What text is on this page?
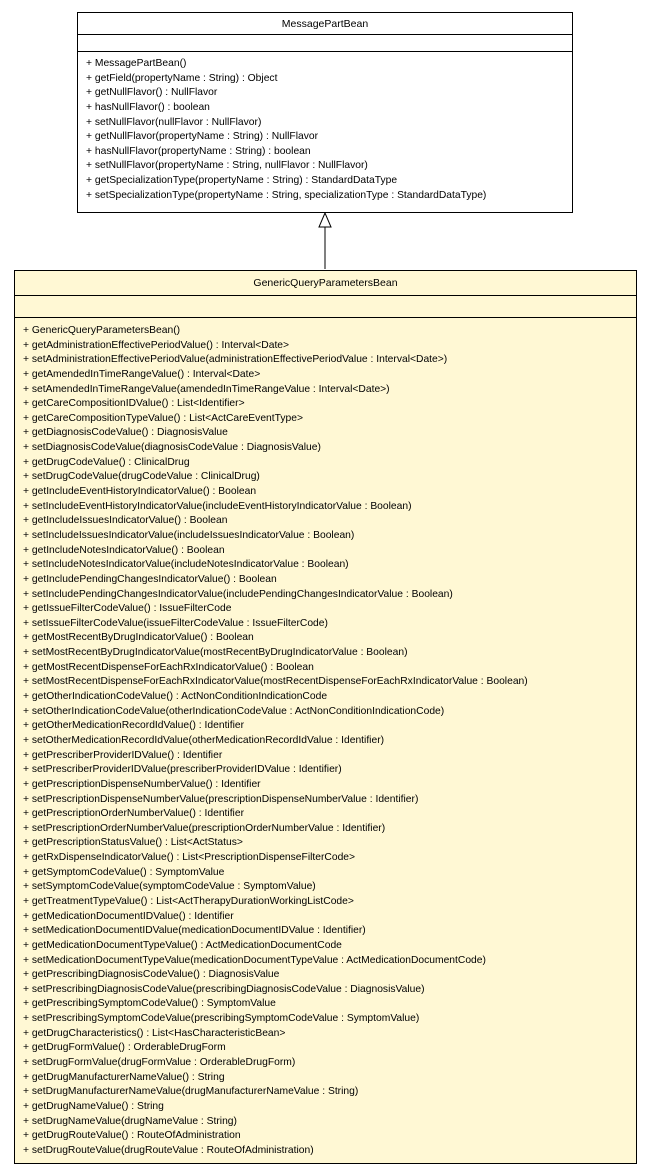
MessagePartBean
+ MessagePartBean()
+ getField(propertyName : String) : Object
+ getNullFlavor() : NullFlavor
+ hasNullFlavor() : boolean
+ setNullFlavor(nullFlavor : NullFlavor)
+ getNullFlavor(propertyName : String) : NullFlavor
+ hasNullFlavor(propertyName : String) : boolean
+ setNullFlavor(propertyName : String, nullFlavor : NullFlavor)
+ getSpecializationType(propertyName : String) : StandardDataType
+ setSpecializationType(propertyName : String, specializationType : StandardDataType)
GenericQueryParametersBean
+ GenericQueryParametersBean()
+ getAdministrationEffectivePeriodValue() : Interval<Date>
+ setAdministrationEffectivePeriodValue(administrationEffectivePeriodValue : Interval<Date>)
+ getAmendedInTimeRangeValue() : Interval<Date>
+ setAmendedInTimeRangeValue(amendedInTimeRangeValue : Interval<Date>)
+ getCareCompositionIDValue() : List<Identifier>
+ getCareCompositionTypeValue() : List<ActCareEventType>
+ getDiagnosisCodeValue() : DiagnosisValue
+ setDiagnosisCodeValue(diagnosisCodeValue : DiagnosisValue)
+ getDrugCodeValue() : ClinicalDrug
+ setDrugCodeValue(drugCodeValue : ClinicalDrug)
+ getIncludeEventHistoryIndicatorValue() : Boolean
+ setIncludeEventHistoryIndicatorValue(includeEventHistoryIndicatorValue : Boolean)
+ getIncludeIssuesIndicatorValue() : Boolean
+ setIncludeIssuesIndicatorValue(includeIssuesIndicatorValue : Boolean)
+ getIncludeNotesIndicatorValue() : Boolean
+ setIncludeNotesIndicatorValue(includeNotesIndicatorValue : Boolean)
+ getIncludePendingChangesIndicatorValue() : Boolean
+ setIncludePendingChangesIndicatorValue(includePendingChangesIndicatorValue : Boolean)
+ getIssueFilterCodeValue() : IssueFilterCode
+ setIssueFilterCodeValue(issueFilterCodeValue : IssueFilterCode)
+ getMostRecentByDrugIndicatorValue() : Boolean
+ setMostRecentByDrugIndicatorValue(mostRecentByDrugIndicatorValue : Boolean)
+ getMostRecentDispenseForEachRxIndicatorValue() : Boolean
+ setMostRecentDispenseForEachRxIndicatorValue(mostRecentDispenseForEachRxIndicatorValue : Boolean)
+ getOtherIndicationCodeValue() : ActNonConditionIndicationCode
+ setOtherIndicationCodeValue(otherIndicationCodeValue : ActNonConditionIndicationCode)
+ getOtherMedicationRecordIdValue() : Identifier
+ setOtherMedicationRecordIdValue(otherMedicationRecordIdValue : Identifier)
+ getPrescriberProviderIDValue() : Identifier
+ setPrescriberProviderIDValue(prescriberProviderIDValue : Identifier)
+ getPrescriptionDispenseNumberValue() : Identifier
+ setPrescriptionDispenseNumberValue(prescriptionDispenseNumberValue : Identifier)
+ getPrescriptionOrderNumberValue() : Identifier
+ setPrescriptionOrderNumberValue(prescriptionOrderNumberValue : Identifier)
+ getPrescriptionStatusValue() : List<ActStatus>
+ getRxDispenseIndicatorValue() : List<PrescriptionDispenseFilterCode>
+ getSymptomCodeValue() : SymptomValue
+ setSymptomCodeValue(symptomCodeValue : SymptomValue)
+ getTreatmentTypeValue() : List<ActTherapyDurationWorkingListCode>
+ getMedicationDocumentIDValue() : Identifier
+ setMedicationDocumentIDValue(medicationDocumentIDValue : Identifier)
+ getMedicationDocumentTypeValue() : ActMedicationDocumentCode
+ setMedicationDocumentTypeValue(medicationDocumentTypeValue : ActMedicationDocumentCode)
+ getPrescribingDiagnosisCodeValue() : DiagnosisValue
+ setPrescribingDiagnosisCodeValue(prescribingDiagnosisCodeValue : DiagnosisValue)
+ getPrescribingSymptomCodeValue() : SymptomValue
+ setPrescribingSymptomCodeValue(prescribingSymptomCodeValue : SymptomValue)
+ getDrugCharacteristics() : List<HasCharacteristicBean>
+ getDrugFormValue() : OrderableDrugForm
+ setDrugFormValue(drugFormValue : OrderableDrugForm)
+ getDrugManufacturerNameValue() : String
+ setDrugManufacturerNameValue(drugManufacturerNameValue : String)
+ getDrugNameValue() : String
+ setDrugNameValue(drugNameValue : String)
+ getDrugRouteValue() : RouteOfAdministration
+ setDrugRouteValue(drugRouteValue : RouteOfAdministration)
